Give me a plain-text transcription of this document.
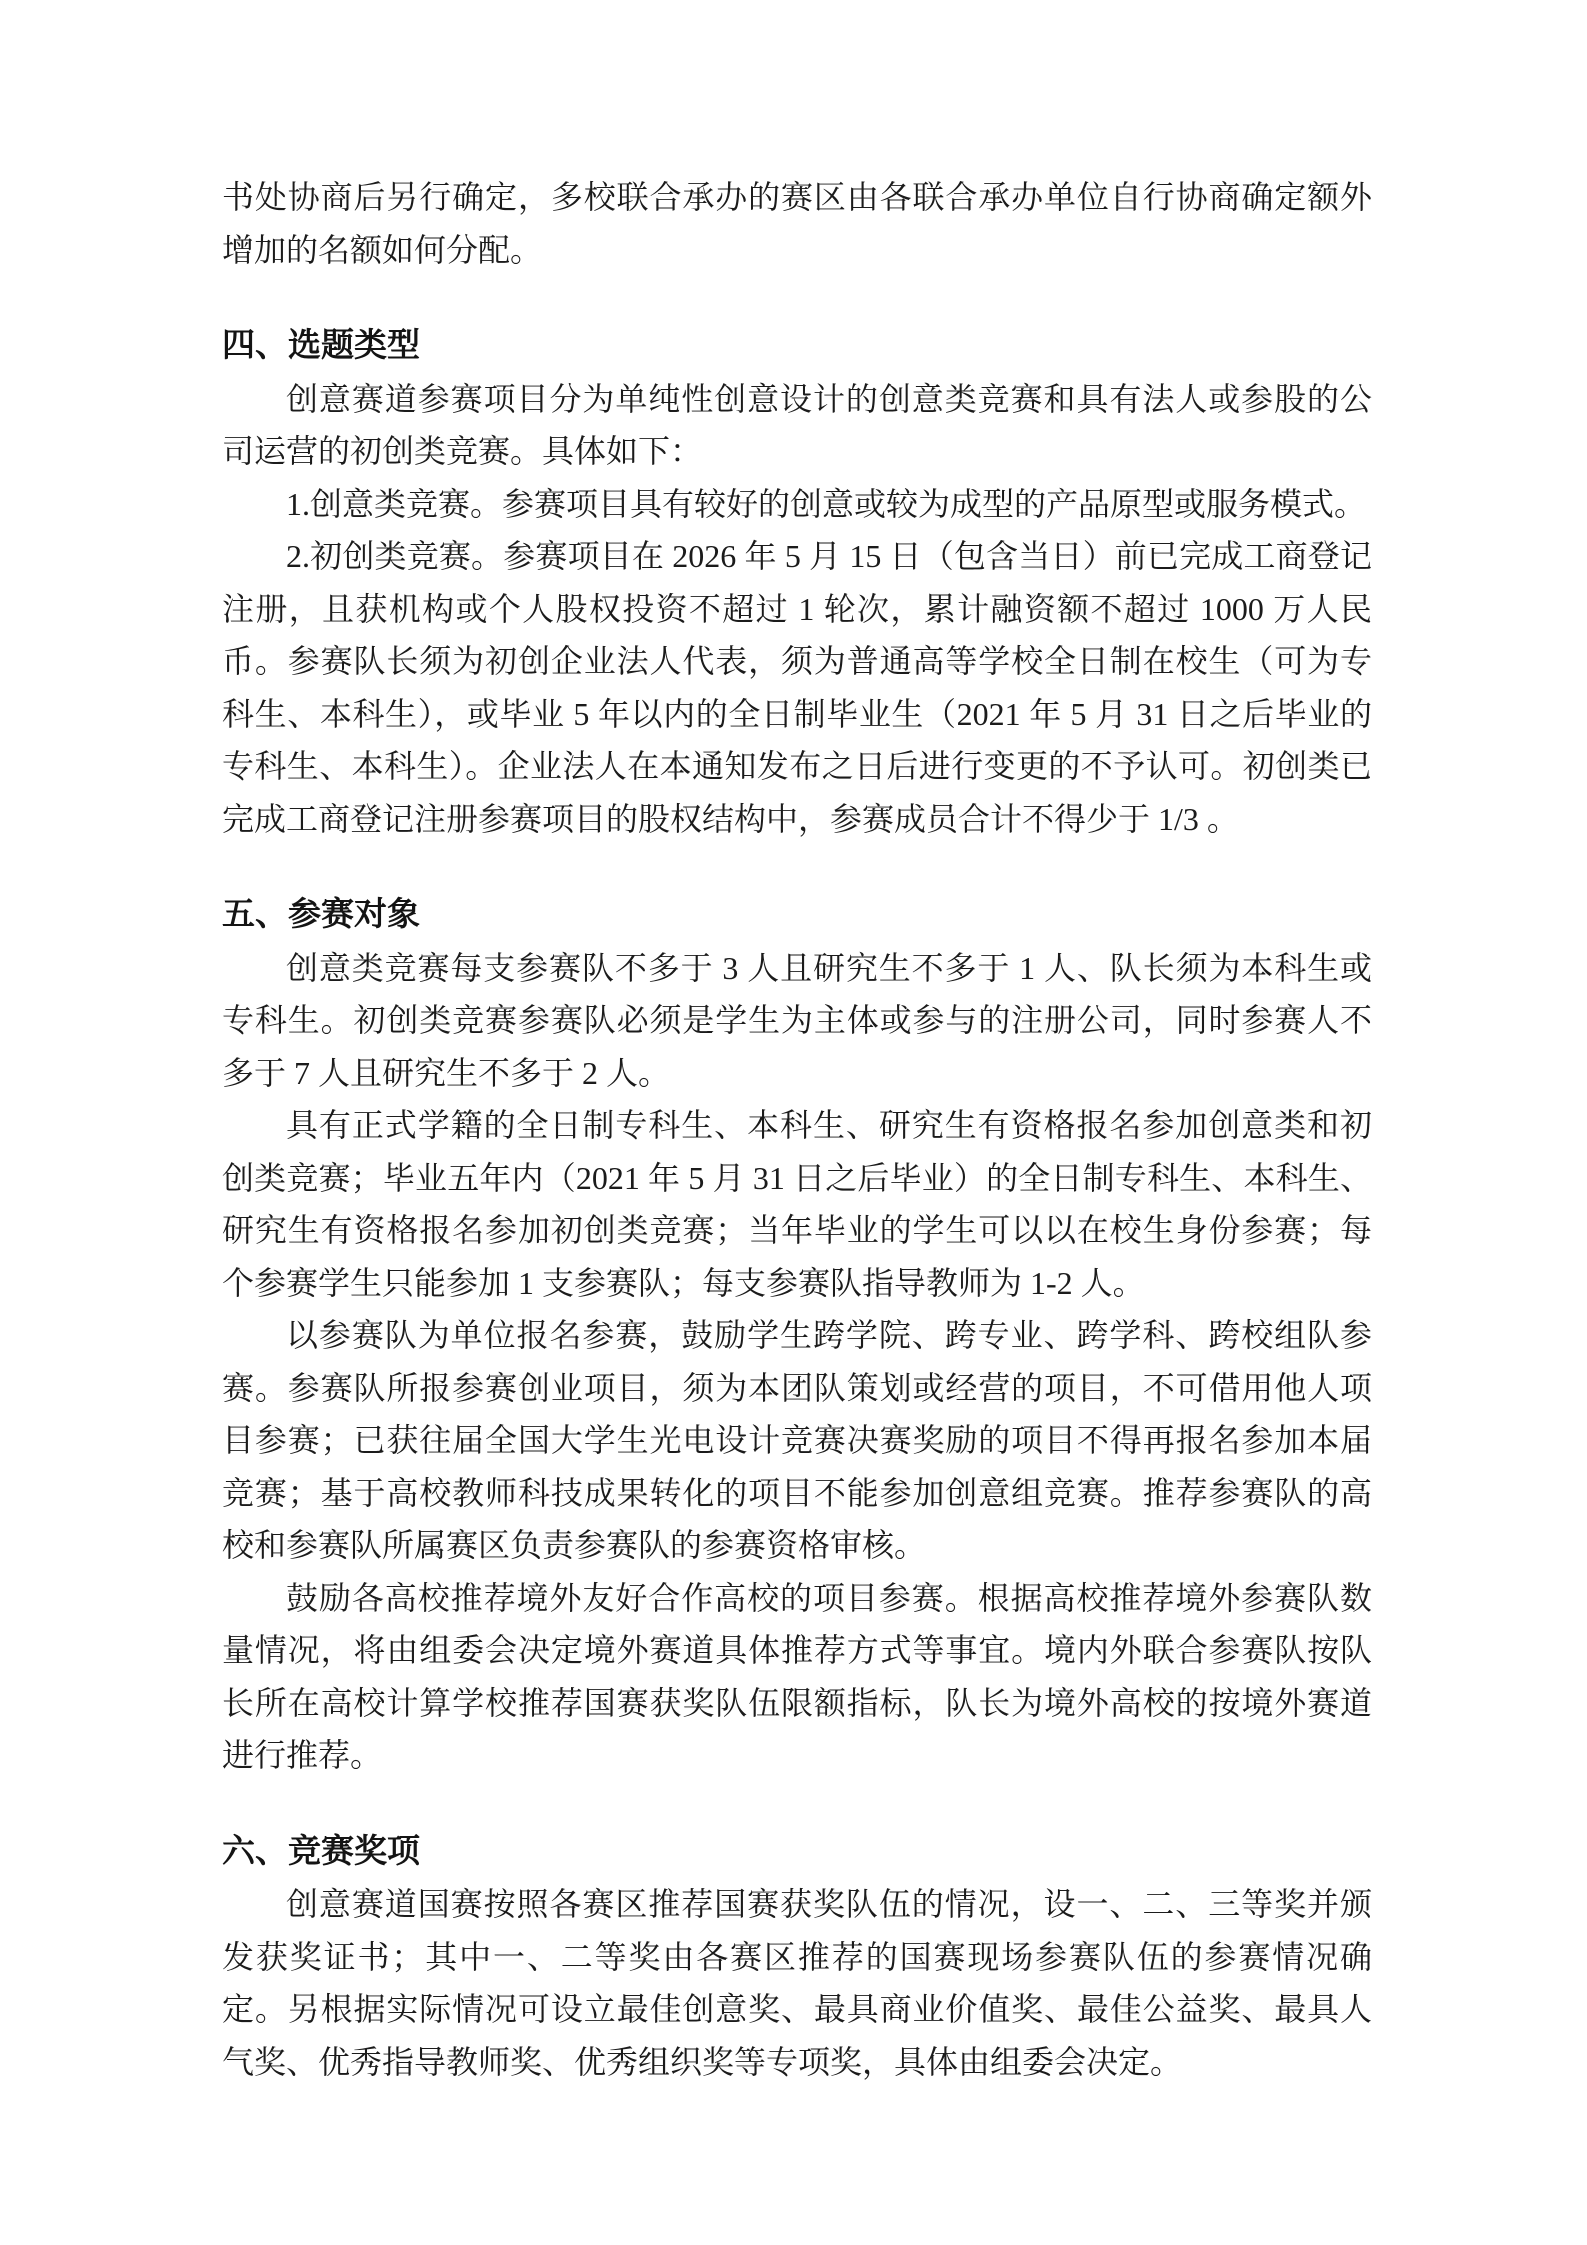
书处协商后另行确定，多校联合承办的赛区由各联合承办单位自行协商确定额外增加的名额如何分配。

四、选题类型

创意赛道参赛项目分为单纯性创意设计的创意类竞赛和具有法人或参股的公司运营的初创类竞赛。具体如下：

1.创意类竞赛。参赛项目具有较好的创意或较为成型的产品原型或服务模式。

2.初创类竞赛。参赛项目在 2026 年 5 月 15 日（包含当日）前已完成工商登记注册，且获机构或个人股权投资不超过 1 轮次，累计融资额不超过 1000 万人民币。参赛队长须为初创企业法人代表，须为普通高等学校全日制在校生（可为专科生、本科生），或毕业 5 年以内的全日制毕业生（2021 年 5 月 31 日之后毕业的专科生、本科生）。企业法人在本通知发布之日后进行变更的不予认可。初创类已完成工商登记注册参赛项目的股权结构中，参赛成员合计不得少于 1/3 。

五、参赛对象

创意类竞赛每支参赛队不多于 3 人且研究生不多于 1 人、队长须为本科生或专科生。初创类竞赛参赛队必须是学生为主体或参与的注册公司，同时参赛人不多于 7 人且研究生不多于 2 人。

具有正式学籍的全日制专科生、本科生、研究生有资格报名参加创意类和初创类竞赛；毕业五年内（2021 年 5 月 31 日之后毕业）的全日制专科生、本科生、研究生有资格报名参加初创类竞赛；当年毕业的学生可以以在校生身份参赛；每个参赛学生只能参加 1 支参赛队；每支参赛队指导教师为 1-2 人。

以参赛队为单位报名参赛，鼓励学生跨学院、跨专业、跨学科、跨校组队参赛。参赛队所报参赛创业项目，须为本团队策划或经营的项目，不可借用他人项目参赛；已获往届全国大学生光电设计竞赛决赛奖励的项目不得再报名参加本届竞赛；基于高校教师科技成果转化的项目不能参加创意组竞赛。推荐参赛队的高校和参赛队所属赛区负责参赛队的参赛资格审核。

鼓励各高校推荐境外友好合作高校的项目参赛。根据高校推荐境外参赛队数量情况，将由组委会决定境外赛道具体推荐方式等事宜。境内外联合参赛队按队长所在高校计算学校推荐国赛获奖队伍限额指标，队长为境外高校的按境外赛道进行推荐。

六、竞赛奖项

创意赛道国赛按照各赛区推荐国赛获奖队伍的情况，设一、二、三等奖并颁发获奖证书；其中一、二等奖由各赛区推荐的国赛现场参赛队伍的参赛情况确定。另根据实际情况可设立最佳创意奖、最具商业价值奖、最佳公益奖、最具人气奖、优秀指导教师奖、优秀组织奖等专项奖，具体由组委会决定。
